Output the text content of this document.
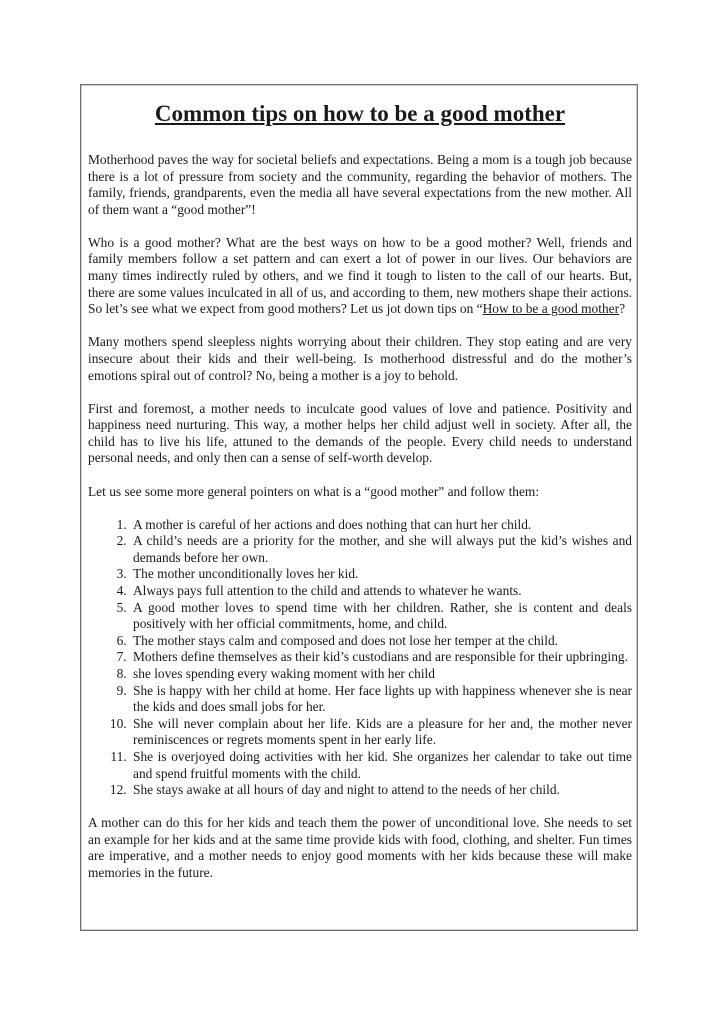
Common tips on how to be a good mother

Motherhood paves the way for societal beliefs and expectations. Being a mom is a tough job because there is a lot of pressure from society and the community, regarding the behavior of mothers. The family, friends, grandparents, even the media all have several expectations from the new mother. All of them want a “good mother”!

Who is a good mother? What are the best ways on how to be a good mother? Well, friends and family members follow a set pattern and can exert a lot of power in our lives. Our behaviors are many times indirectly ruled by others, and we find it tough to listen to the call of our hearts. But, there are some values inculcated in all of us, and according to them, new mothers shape their actions. So let’s see what we expect from good mothers? Let us jot down tips on “How to be a good mother?

Many mothers spend sleepless nights worrying about their children. They stop eating and are very insecure about their kids and their well-being. Is motherhood distressful and do the mother’s emotions spiral out of control? No, being a mother is a joy to behold.

First and foremost, a mother needs to inculcate good values of love and patience. Positivity and happiness need nurturing. This way, a mother helps her child adjust well in society. After all, the child has to live his life, attuned to the demands of the people. Every child needs to understand personal needs, and only then can a sense of self-worth develop.

Let us see some more general pointers on what is a “good mother” and follow them:

1. A mother is careful of her actions and does nothing that can hurt her child.
2. A child’s needs are a priority for the mother, and she will always put the kid’s wishes and demands before her own.
3. The mother unconditionally loves her kid.
4. Always pays full attention to the child and attends to whatever he wants.
5. A good mother loves to spend time with her children. Rather, she is content and deals positively with her official commitments, home, and child.
6. The mother stays calm and composed and does not lose her temper at the child.
7. Mothers define themselves as their kid’s custodians and are responsible for their upbringing.
8. she loves spending every waking moment with her child
9. She is happy with her child at home. Her face lights up with happiness whenever she is near the kids and does small jobs for her.
10. She will never complain about her life. Kids are a pleasure for her and, the mother never reminiscences or regrets moments spent in her early life.
11. She is overjoyed doing activities with her kid. She organizes her calendar to take out time and spend fruitful moments with the child.
12. She stays awake at all hours of day and night to attend to the needs of her child.

A mother can do this for her kids and teach them the power of unconditional love. She needs to set an example for her kids and at the same time provide kids with food, clothing, and shelter. Fun times are imperative, and a mother needs to enjoy good moments with her kids because these will make memories in the future.
